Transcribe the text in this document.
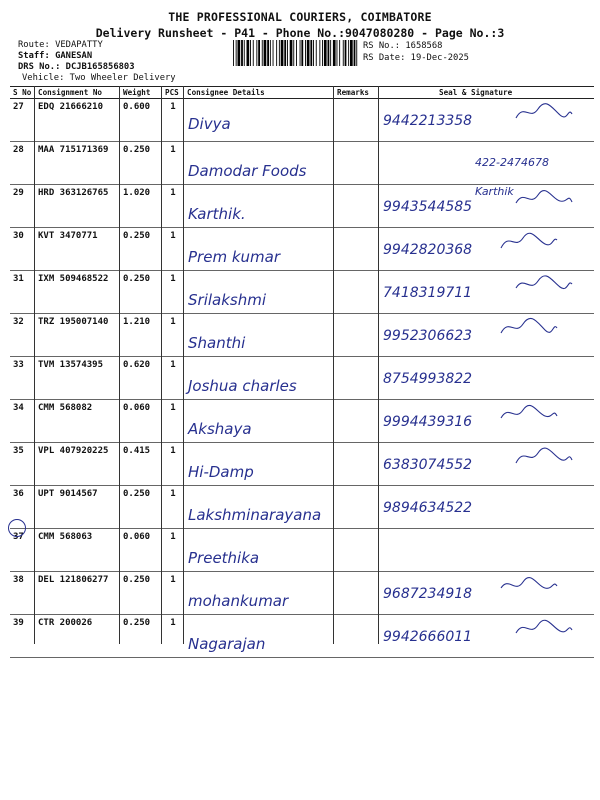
THE PROFESSIONAL COURIERS, COIMBATORE
Delivery Runsheet - P41 - Phone No.:9047080280 - Page No.:3
Route: VEDAPATTY
Staff: GANESAN
DRS No.: DCJB165856803
Vehicle: Two Wheeler Delivery
RS No.: 1658568
RS Date: 19-Dec-2025
S No	Consignment No	Weight	PCS	Consignee Details	Remarks	Seal & Signature
27	EDQ 21666210	0.600	1	Divya		9442213358

28	MAA 715171369	0.250	1	Damodar Foods		422-2474678

29	HRD 363126765	1.020	1	Karthik.		9943544585
Karthik

30	KVT 3470771	0.250	1	Prem kumar		9942820368

31	IXM 509468522	0.250	1	Srilakshmi		7418319711

32	TRZ 195007140	1.210	1	Shanthi		9952306623

33	TVM 13574395	0.620	1	Joshua charles		8754993822

34	CMM 568082	0.060	1	Akshaya		9994439316

35	VPL 407920225	0.415	1	Hi-Damp		6383074552

36	UPT 9014567	0.250	1	Lakshminarayana		9894634522

37	CMM 568063	0.060	1	Preethika		

38	DEL 121806277	0.250	1	mohankumar		9687234918

39	CTR 200026	0.250	1	Nagarajan		9942666011
